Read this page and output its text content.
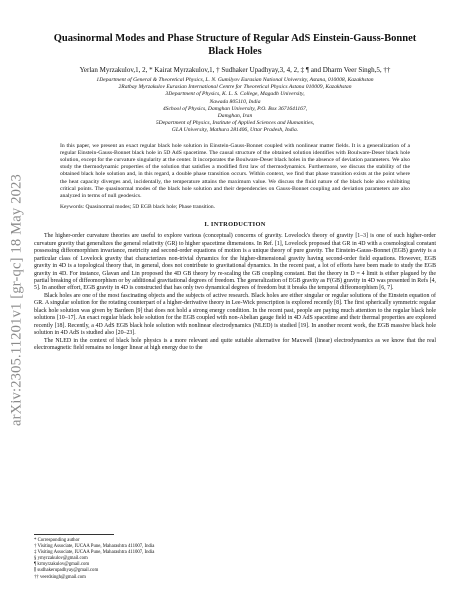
arXiv:2305.11201v1 [gr-qc] 18 May 2023
Quasinormal Modes and Phase Structure of Regular AdS Einstein-Gauss-Bonnet Black Holes
Yerlan Myrzakulov,1, 2, * Kairat Myrzakulov,1, † Sudhaker Upadhyay,3, 4, 2, ‡ ¶ and Dharm Veer Singh,5, ††
1Department of General & Theoretical Physics, L. N. Gumilyov Eurasian National University, Astana, 010008, Kazakhstan
2Ratbay Myrzakulov Eurasian International Centre for Theoretical Physics Astana 010009, Kazakhstan
3Department of Physics, K. L. S. College, Magadh University,
Nawada 805110, India
4School of Physics, Damghan University, P.O. Box 3671641167,
Damghan, Iran
5Department of Physics, Institute of Applied Sciences and Humanities,
GLA University, Mathura 281406, Uttar Pradesh, India.
In this paper, we present an exact regular black hole solution in Einstein-Gauss-Bonnet coupled with nonlinear matter fields. It is a generalization of a regular Einstein-Gauss-Bonnet black hole in 5D AdS spacetime. The causal structure of the obtained solution identifies with Boulware-Deser black hole solution, except for the curvature singularity at the center. It incorporates the Boulware-Deser black holes in the absence of deviation parameters. We also study the thermodynamic properties of the solution that satisfies a modified first law of thermodynamics. Furthermore, we discuss the stability of the obtained black hole solution and, in this regard, a double phase transition occurs. Within context, we find that phase transition exists at the point where the heat capacity diverges and, incidentally, the temperature attains the maximum value. We discuss the fluid nature of the black hole also exhibiting critical points. The quasinormal modes of the black hole solution and their dependencies on Gauss-Bonnet coupling and deviation parameters are also analyzed in terms of null geodesics.
Keywords: Quasinormal modes; 5D EGB black hole; Phase transition.
I. INTRODUCTION

The higher-order curvature theories are useful to explore various (conceptual) concerns of gravity. Lovelock's theory of gravity [1–3] is one of such higher-order curvature gravity that generalizes the general relativity (GR) to higher spacetime dimensions. In Ref. [1], Lovelock proposed that GR in 4D with a cosmological constant possessing diffeomorphism invariance, metricity and second-order equations of motion is a unique theory of pure gravity. The Einstein-Gauss-Bonnet (EGB) gravity is a particular class of Lovelock gravity that characterizes non-trivial dynamics for the higher-dimensional gravity having second-order field equations. However, EGB gravity in 4D is a topological theory that, in general, does not contribute to gravitational dynamics. In the recent past, a lot of efforts have been made to study the EGB gravity in 4D. For instance, Glavan and Lin proposed the 4D GB theory by re-scaling the GB coupling constant. But the theory in D = 4 limit is either plagued by the partial breaking of diffeomorphism or by additional gravitational degrees of freedom. The generalization of EGB gravity as F(GB) gravity in 4D was presented in Refs [4, 5]. In another effort, EGB gravity in 4D is constructed that has only two dynamical degrees of freedom but it breaks the temporal diffeomorphism [6, 7].

Black holes are one of the most fascinating objects and the subjects of active research. Black holes are either singular or regular solutions of the Einstein equation of GR. A singular solution for the rotating counterpart of a higher-derivative theory in Lee-Wick prescription is explored recently [8]. The first spherically symmetric regular black hole solution was given by Bardeen [9] that does not hold a strong energy condition. In the recent past, people are paying much attention to the regular black hole solutions [10–17]. An exact regular black hole solution for the EGB coupled with non-Abelian gauge field in 4D AdS spacetime and their thermal properties are explored recently [18]. Recently, a 4D AdS EGB black hole solution with nonlinear electrodynamics (NLED) is studied [19]. In another recent work, the EGB massive black hole solution in 4D AdS is studied also [20–23].

The NLED in the context of black hole physics is a more relevant and quite suitable alternative for Maxwell (linear) electrodynamics as we know that the real electromagnetic field remains no longer linear at high energy due to the

* Corresponding author
† Visiting Associate, IUCAA Pune, Maharashtra 411007, India
‡ Visiting Associate, IUCAA Pune, Maharashtra 411007, India
§ ymyrzakulov@gmail.com
¶ krmyrzakulov@gmail.com
∥ sudhakerupadhyay@gmail.com
†† veerdsingh@gmail.com
